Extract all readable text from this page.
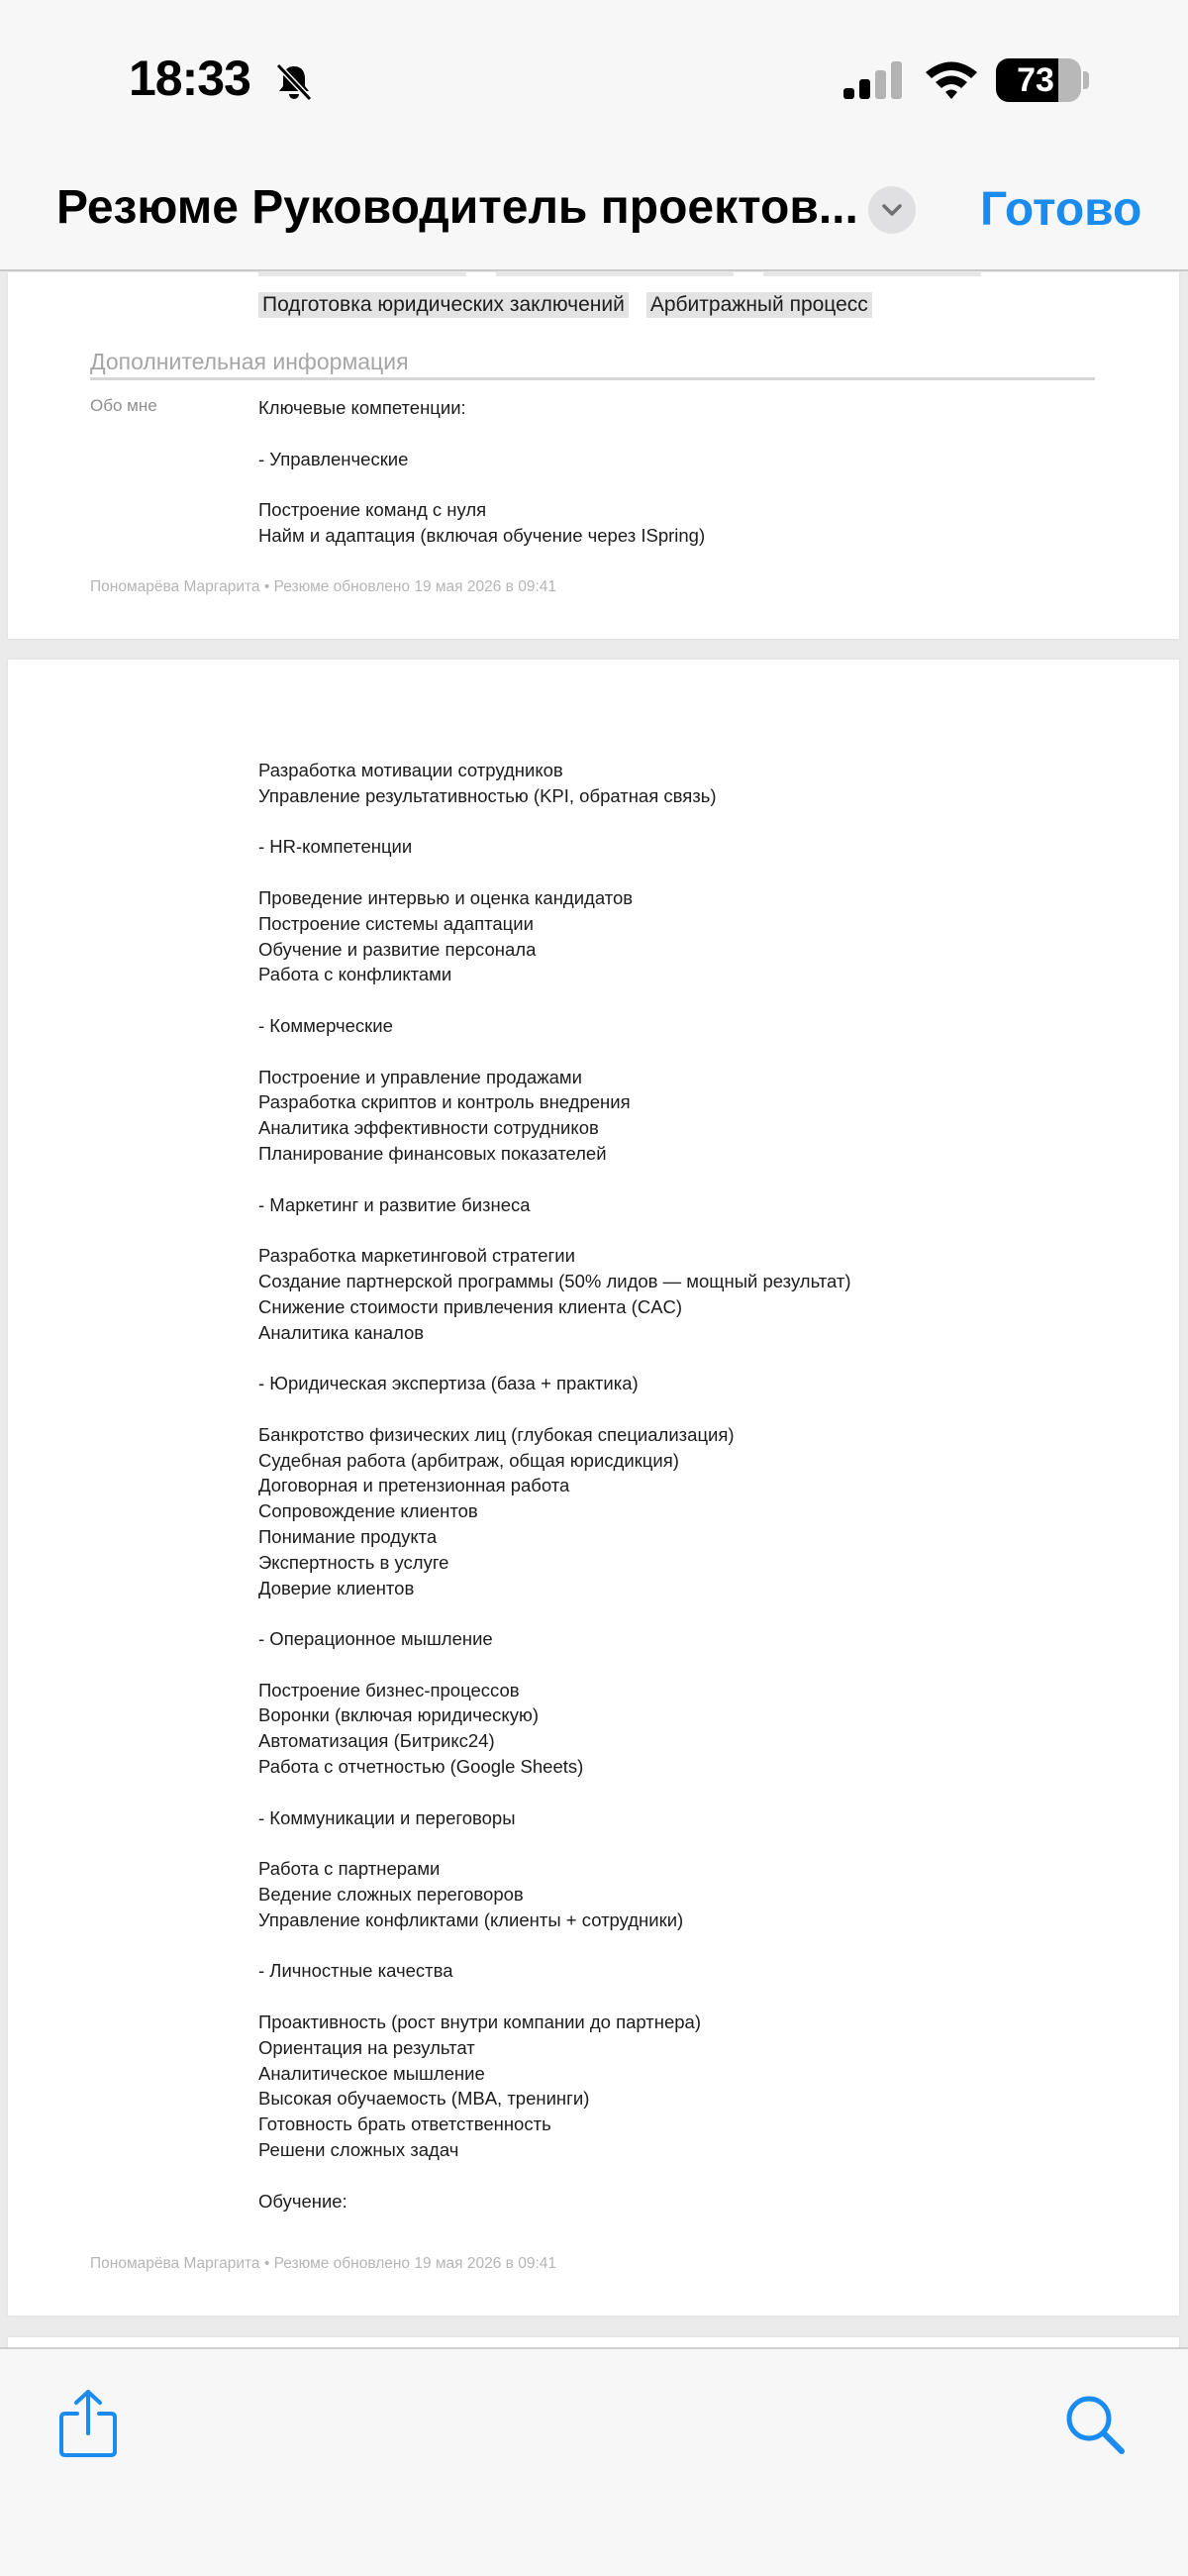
18:33	73
Резюме Руководитель проектов...	Готово
Подготовка юридических заключений Арбитражный процесс
Дополнительная информация
Обо мне	Ключевые компетенции:
- Управленческие
Построение команд с нуля
Найм и адаптация (включая обучение через ISpring)
Пономарёва Маргарита • Резюме обновлено 19 мая 2026 в 09:41
Разработка мотивации сотрудников
Управление результативностью (KPI, обратная связь)
- HR-компетенции
Проведение интервью и оценка кандидатов
Построение системы адаптации
Обучение и развитие персонала
Работа с конфликтами
- Коммерческие
Построение и управление продажами
Разработка скриптов и контроль внедрения
Аналитика эффективности сотрудников
Планирование финансовых показателей
- Маркетинг и развитие бизнеса
Разработка маркетинговой стратегии
Создание партнерской программы (50% лидов — мощный результат)
Снижение стоимости привлечения клиента (CAC)
Аналитика каналов
- Юридическая экспертиза (база + практика)
Банкротство физических лиц (глубокая специализация)
Судебная работа (арбитраж, общая юрисдикция)
Договорная и претензионная работа
Сопровождение клиентов
Понимание продукта
Экспертность в услуге
Доверие клиентов
- Операционное мышление
Построение бизнес-процессов
Воронки (включая юридическую)
Автоматизация (Битрикс24)
Работа с отчетностью (Google Sheets)
- Коммуникации и переговоры
Работа с партнерами
Ведение сложных переговоров
Управление конфликтами (клиенты + сотрудники)
- Личностные качества
Проактивность (рост внутри компании до партнера)
Ориентация на результат
Аналитическое мышление
Высокая обучаемость (MBA, тренинги)
Готовность брать ответственность
Решени сложных задач
Обучение:
Пономарёва Маргарита • Резюме обновлено 19 мая 2026 в 09:41
